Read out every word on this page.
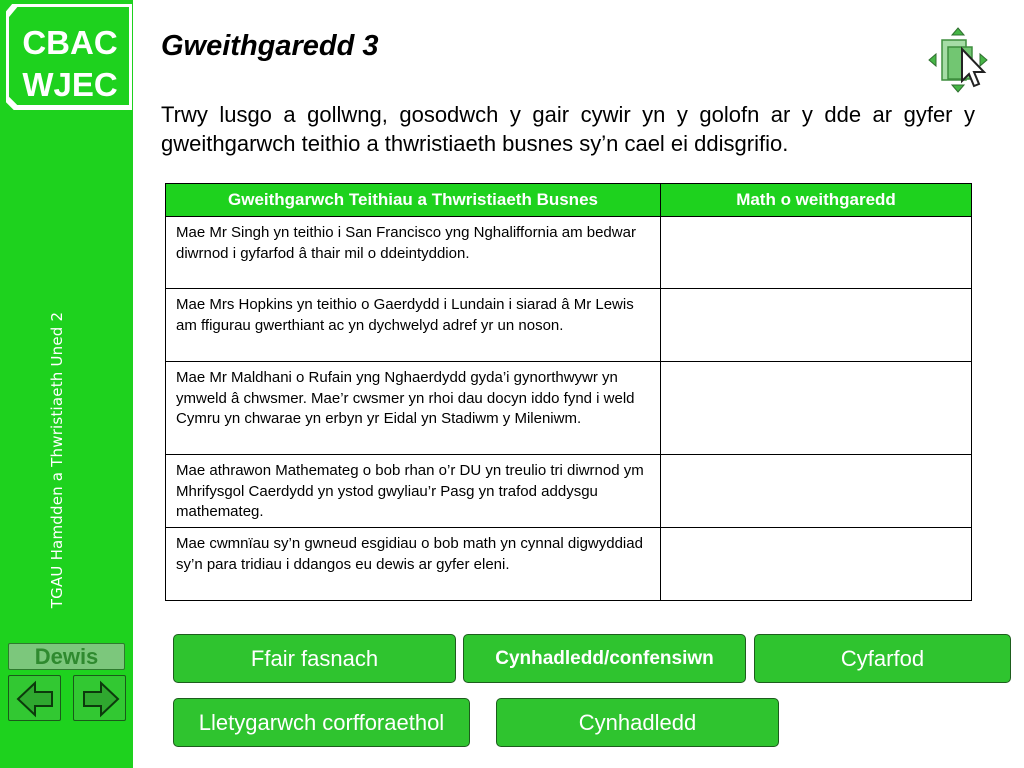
CBAC
WJEC
TGAU Hamdden a Thwristiaeth Uned 2
Dewis
Gweithgaredd 3
Trwy lusgo a gollwng, gosodwch y gair cywir yn y golofn ar y dde ar gyfer y gweithgarwch teithio a thwristiaeth busnes sy’n cael ei ddisgrifio.
Gweithgarwch Teithiau a Thwristiaeth Busnes	Math o weithgaredd
Mae Mr Singh yn teithio i San Francisco yng Nghaliffornia am bedwar diwrnod i gyfarfod â thair mil o ddeintyddion.	
Mae Mrs Hopkins yn teithio o Gaerdydd i Lundain i siarad â Mr Lewis am ffigurau gwerthiant ac yn dychwelyd adref yr un noson.	
Mae Mr Maldhani o Rufain yng Nghaerdydd gyda’i gynorthwywr yn ymweld â chwsmer. Mae’r cwsmer yn rhoi dau docyn iddo fynd i weld Cymru yn chwarae yn erbyn yr Eidal yn Stadiwm y Mileniwm.	
Mae athrawon Mathemateg o bob rhan o’r DU yn treulio tri diwrnod ym Mhrifysgol Caerdydd yn ystod gwyliau’r Pasg yn trafod addysgu mathemateg.	
Mae cwmnïau sy’n gwneud esgidiau o bob math yn cynnal digwyddiad sy’n para tridiau i ddangos eu dewis ar gyfer eleni.	
Ffair fasnach	Cynhadledd/confensiwn	Cyfarfod
Lletygarwch corfforaethol	Cynhadledd
